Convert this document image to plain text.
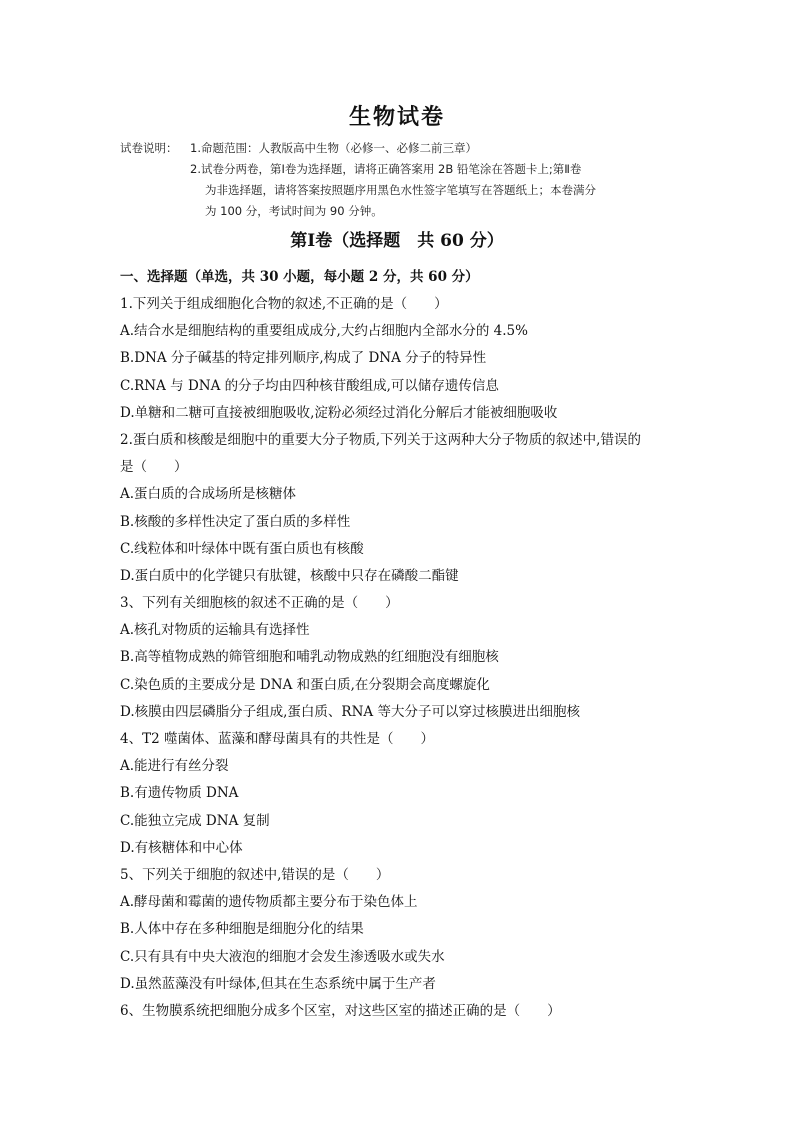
生物试卷
试卷说明： 1.命题范围：人教版高中生物（必修一、必修二前三章）
2.试卷分两卷，第Ⅰ卷为选择题，请将正确答案用 2B 铅笔涂在答题卡上;第Ⅱ卷
为非选择题，请将答案按照题序用黑色水性签字笔填写在答题纸上；本卷满分
为 100 分，考试时间为 90 分钟。
第Ⅰ卷（选择题　共 60 分）
一、选择题（单选，共 30 小题，每小题 2 分，共 60 分）
1.下列关于组成细胞化合物的叙述,不正确的是（　　）
A.结合水是细胞结构的重要组成成分,大约占细胞内全部水分的 4.5%
B.DNA 分子碱基的特定排列顺序,构成了 DNA 分子的特异性
C.RNA 与 DNA 的分子均由四种核苷酸组成,可以储存遗传信息
D.单糖和二糖可直接被细胞吸收,淀粉必须经过消化分解后才能被细胞吸收
2.蛋白质和核酸是细胞中的重要大分子物质,下列关于这两种大分子物质的叙述中,错误的
是（　　）
A.蛋白质的合成场所是核糖体
B.核酸的多样性决定了蛋白质的多样性
C.线粒体和叶绿体中既有蛋白质也有核酸
D.蛋白质中的化学键只有肽键，核酸中只存在磷酸二酯键
3、下列有关细胞核的叙述不正确的是（　　）
A.核孔对物质的运输具有选择性
B.高等植物成熟的筛管细胞和哺乳动物成熟的红细胞没有细胞核
C.染色质的主要成分是 DNA 和蛋白质,在分裂期会高度螺旋化
D.核膜由四层磷脂分子组成,蛋白质、RNA 等大分子可以穿过核膜进出细胞核
4、T2 噬菌体、蓝藻和酵母菌具有的共性是（　　）
A.能进行有丝分裂
B.有遗传物质 DNA
C.能独立完成 DNA 复制
D.有核糖体和中心体
5、下列关于细胞的叙述中,错误的是（　　）
A.酵母菌和霉菌的遗传物质都主要分布于染色体上
B.人体中存在多种细胞是细胞分化的结果
C.只有具有中央大液泡的细胞才会发生渗透吸水或失水
D.虽然蓝藻没有叶绿体,但其在生态系统中属于生产者
6、生物膜系统把细胞分成多个区室，对这些区室的描述正确的是（　　）
